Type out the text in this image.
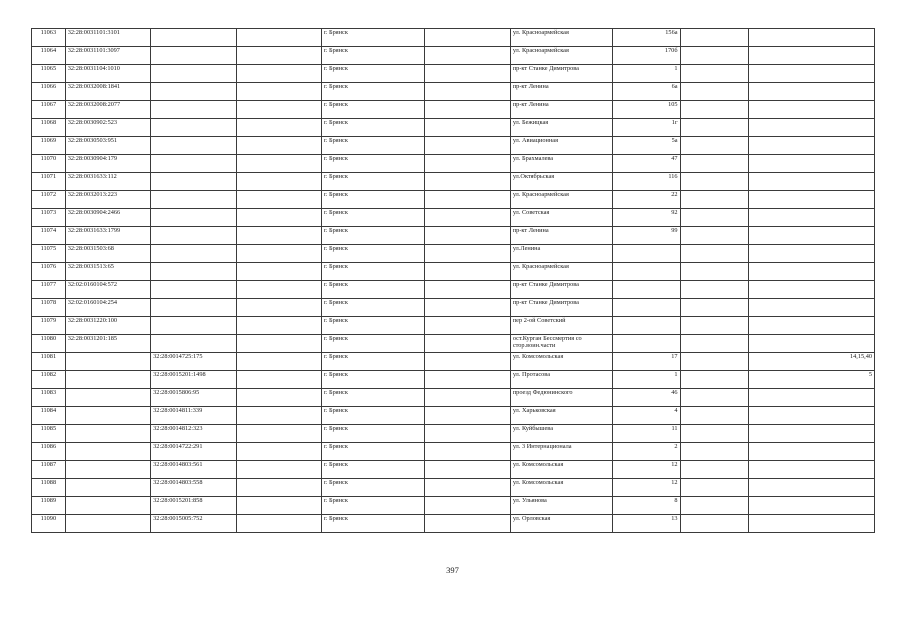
11063	32:28:0031101:3101			г. Брянск		ул. Красноармейская	156а		
11064	32:28:0031101:3097			г. Брянск		ул. Красноармейская	170б		
11065	32:28:0031104:1010			г. Брянск		пр-кт Станке Димитрова	1		
11066	32:28:0032008:1841			г. Брянск		пр-кт Ленина	6а		
11067	32:28:0032008:2077			г. Брянск		пр-кт Ленина	105		
11068	32:28:0030902:523			г. Брянск		ул. Бежицкая	1г		
11069	32:28:0030503:951			г. Брянск		ул. Авиационная	5а		
11070	32:28:0030904:179			г. Брянск		ул. Брахмалева	47		
11071	32:28:0031633:112			г. Брянск		ул.Октябрьская	116		
11072	32:28:0032013:223			г. Брянск		ул. Красноармейская	22		
11073	32:28:0030904:2466			г. Брянск		ул. Советская	92		
11074	32:28:0031633:1799			г. Брянск		пр-кт Ленина	99		
11075	32:28:0031503:68			г. Брянск		ул.Ленина			
11076	32:28:0031513:65			г. Брянск		ул. Красноармейская			
11077	32:02:0160104:572			г. Брянск		пр-кт Станке Димитрова			
11078	32:02:0160104:254			г. Брянск		пр-кт Станке Димитрова			
11079	32:28:0031220:100			г. Брянск		пер 2-ой Советский			
11080	32:28:0031201:185			г. Брянск		ост.Курган Бессмертия со стор.воин.части			
11081		32:28:0014725:175		г. Брянск		ул. Комсомольская	17		14,15,40
11082		32:28:0015201:1498		г. Брянск		ул. Протасова	1		5
11083		32:28:0015806:95		г. Брянск		проезд Федюнинского	46		
11084		32:28:0014811:339		г. Брянск		ул. Харьковская	4		
11085		32:28:0014812:323		г. Брянск		ул. Куйбышева	11		
11086		32:28:0014722:291		г. Брянск		ул. 3 Интернационала	2		
11087		32:28:0014803:561		г. Брянск		ул. Комсомольская	12		
11088		32:28:0014803:558		г. Брянск		ул. Комсомольская	12		
11089		32:28:0015201:858		г. Брянск		ул. Ульянова	8		
11090		32:28:0015005:752		г. Брянск		ул. Орловская	13		
397
